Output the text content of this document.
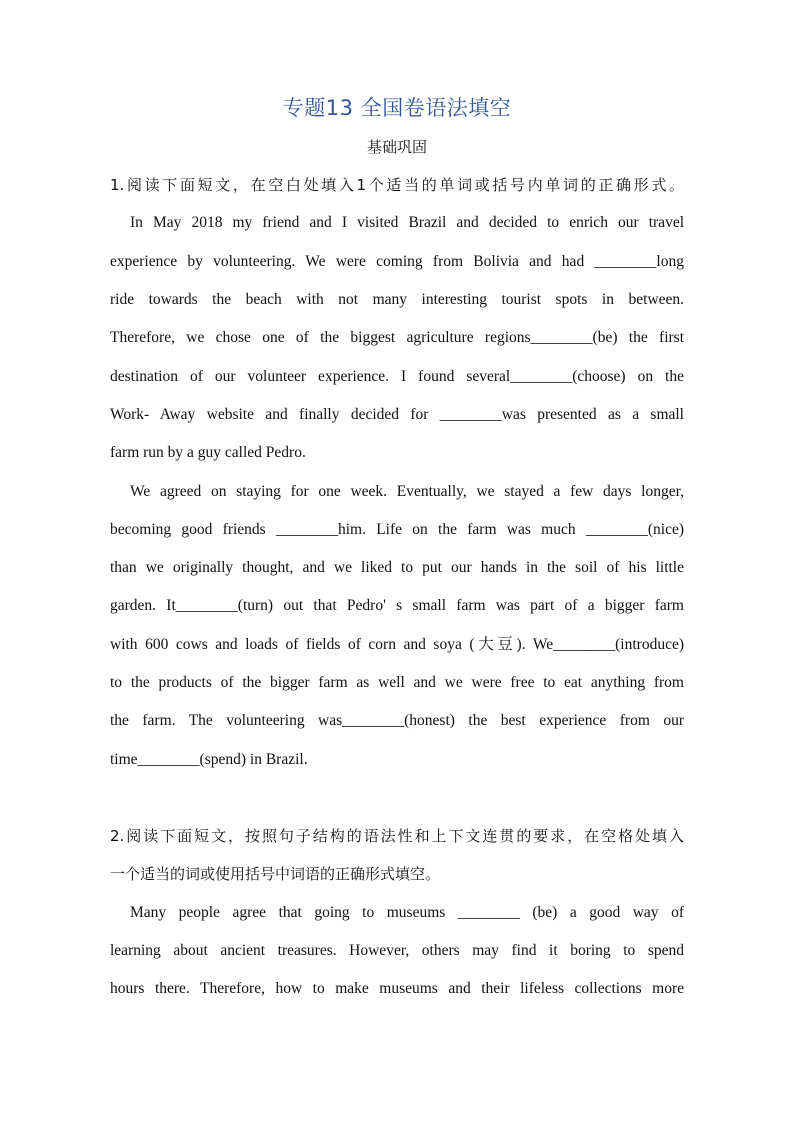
专题13 全国卷语法填空
基础巩固
1.阅读下面短文，在空白处填入1个适当的单词或括号内单词的正确形式。
In May 2018 my friend and I visited Brazil and decided to enrich our travel
experience by volunteering. We were coming from Bolivia and had ________long
ride towards the beach with not many interesting tourist spots in between.
Therefore, we chose one of the biggest agriculture regions________(be) the first
destination of our volunteer experience. I found several________(choose) on the
Work- Away website and finally decided for ________was presented as a small
farm run by a guy called Pedro.
We agreed on staying for one week. Eventually, we stayed a few days longer,
becoming good friends ________him. Life on the farm was much ________(nice)
than we originally thought, and we liked to put our hands in the soil of his little
garden. It________(turn) out that Pedro' s small farm was part of a bigger farm
with 600 cows and loads of fields of corn and soya (大豆). We________(introduce)
to the products of the bigger farm as well and we were free to eat anything from
the farm. The volunteering was________(honest) the best experience from our
time________(spend) in Brazil.
2.阅读下面短文，按照句子结构的语法性和上下文连贯的要求，在空格处填入
一个适当的词或使用括号中词语的正确形式填空。
Many people agree that going to museums ________ (be) a good way of
learning about ancient treasures. However, others may find it boring to spend
hours there. Therefore, how to make museums and their lifeless collections more
